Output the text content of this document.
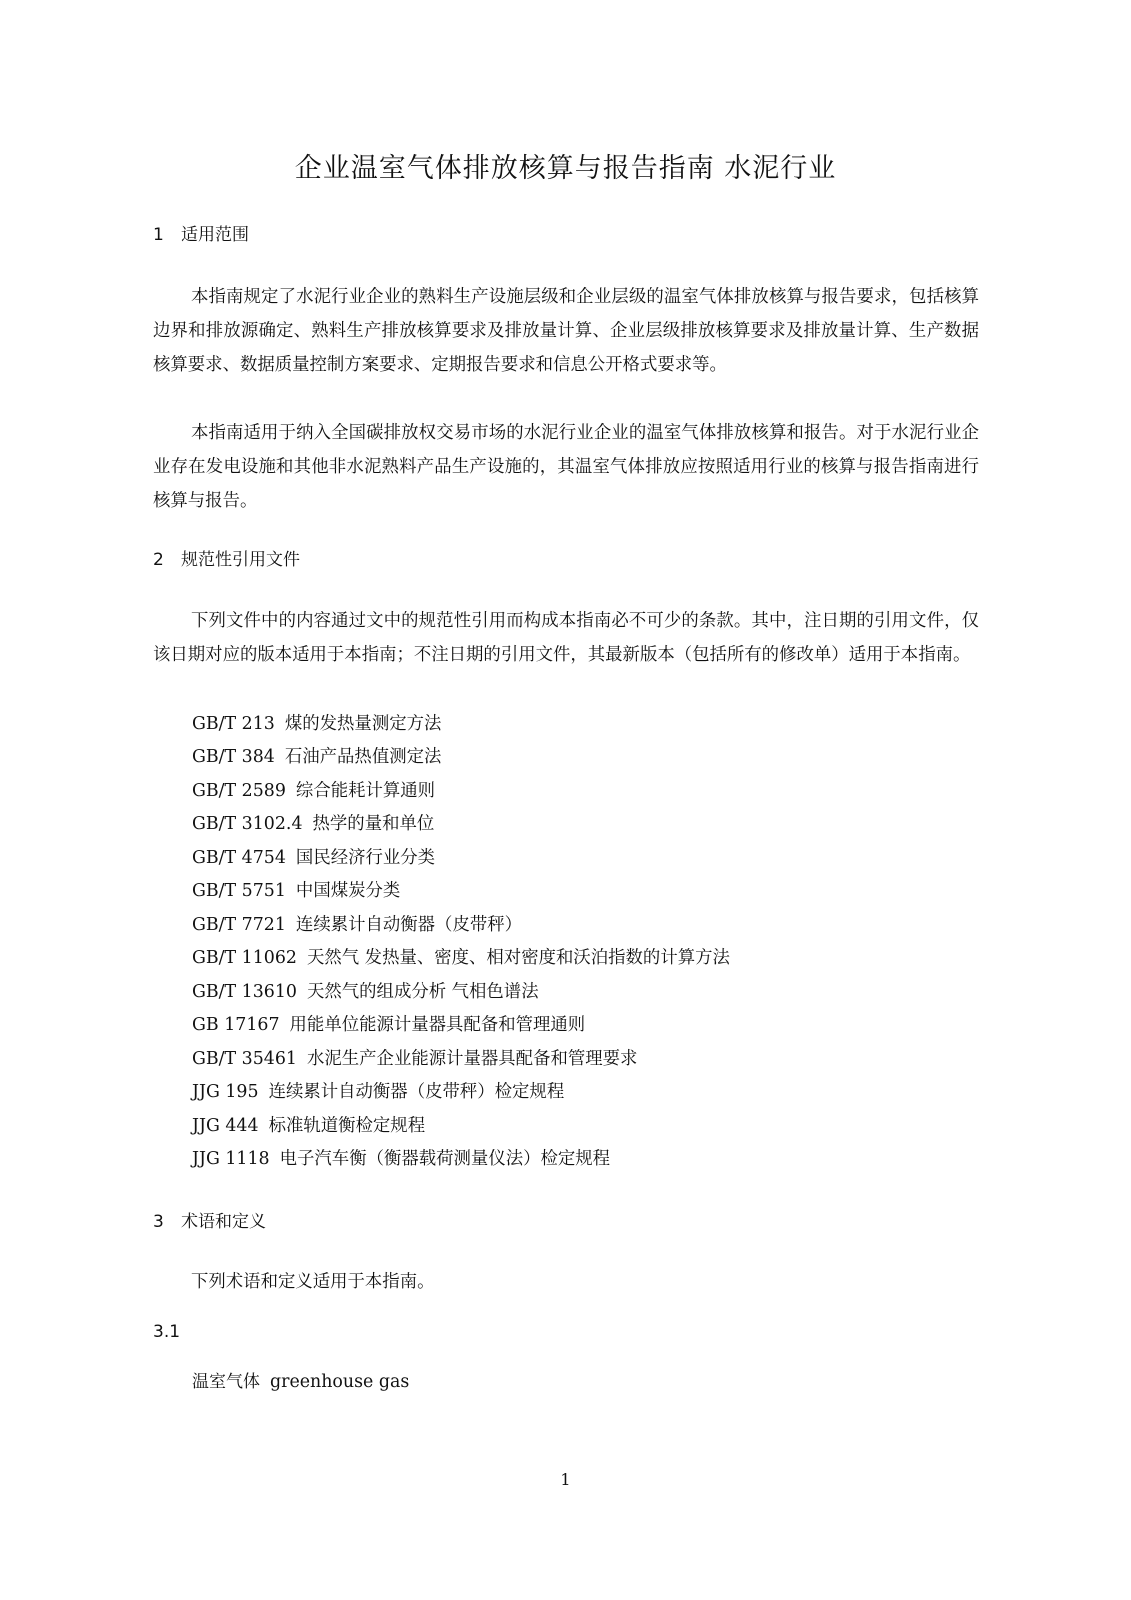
企业温室气体排放核算与报告指南 水泥行业
1 适用范围
本指南规定了水泥行业企业的熟料生产设施层级和企业层级的温室气体排放核算与报告要求，包括核算边界和排放源确定、熟料生产排放核算要求及排放量计算、企业层级排放核算要求及排放量计算、生产数据核算要求、数据质量控制方案要求、定期报告要求和信息公开格式要求等。
本指南适用于纳入全国碳排放权交易市场的水泥行业企业的温室气体排放核算和报告。对于水泥行业企业存在发电设施和其他非水泥熟料产品生产设施的，其温室气体排放应按照适用行业的核算与报告指南进行核算与报告。
2 规范性引用文件
下列文件中的内容通过文中的规范性引用而构成本指南必不可少的条款。其中，注日期的引用文件，仅该日期对应的版本适用于本指南；不注日期的引用文件，其最新版本（包括所有的修改单）适用于本指南。
GB/T 213 煤的发热量测定方法
GB/T 384 石油产品热值测定法
GB/T 2589 综合能耗计算通则
GB/T 3102.4 热学的量和单位
GB/T 4754 国民经济行业分类
GB/T 5751 中国煤炭分类
GB/T 7721 连续累计自动衡器（皮带秤）
GB/T 11062 天然气 发热量、密度、相对密度和沃泊指数的计算方法
GB/T 13610 天然气的组成分析 气相色谱法
GB 17167 用能单位能源计量器具配备和管理通则
GB/T 35461 水泥生产企业能源计量器具配备和管理要求
JJG 195 连续累计自动衡器（皮带秤）检定规程
JJG 444 标准轨道衡检定规程
JJG 1118 电子汽车衡（衡器载荷测量仪法）检定规程
3 术语和定义
下列术语和定义适用于本指南。
3.1
温室气体 greenhouse gas
1
